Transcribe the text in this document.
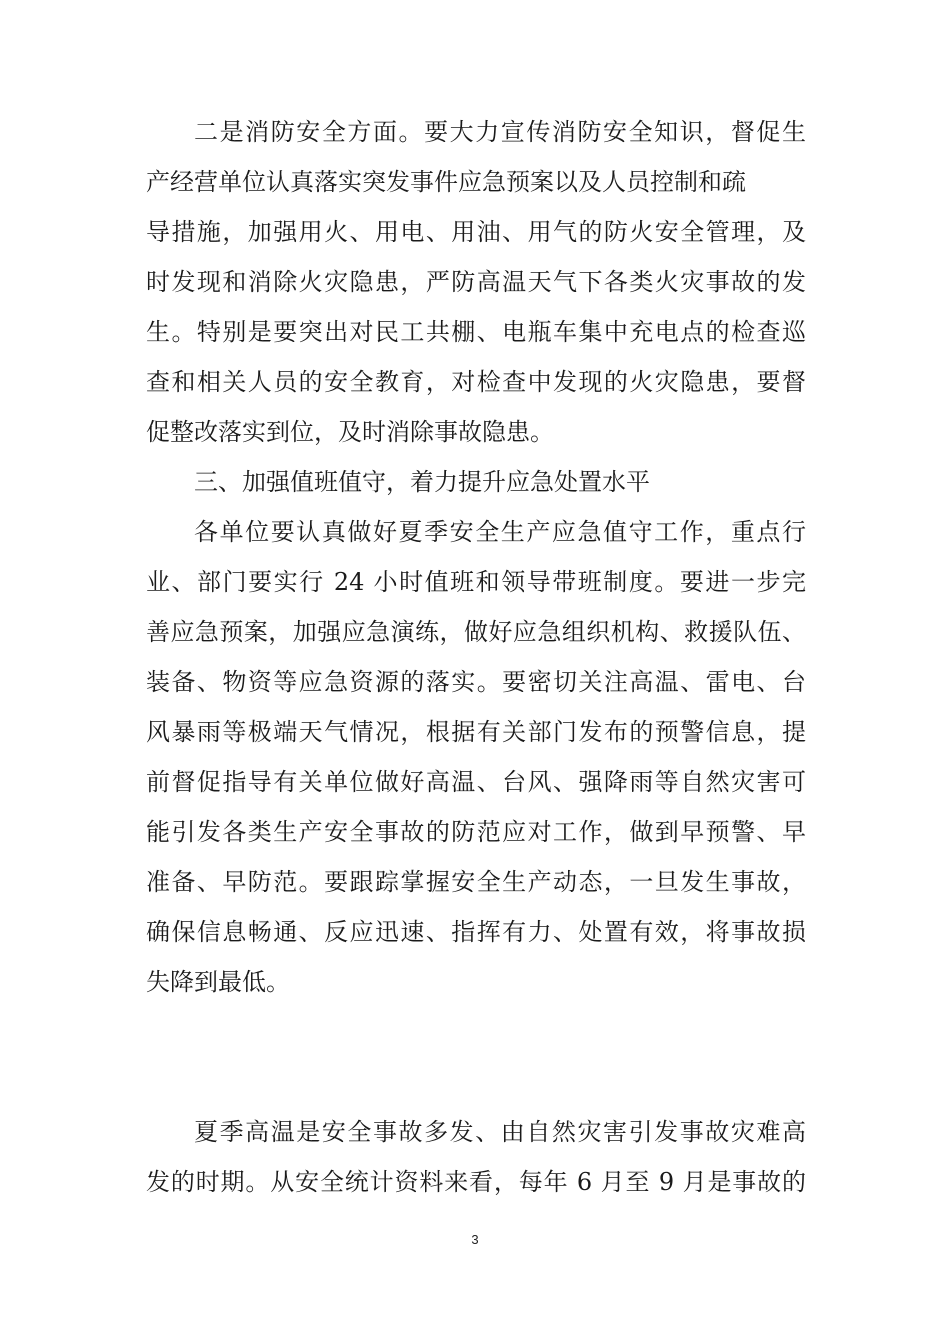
二是消防安全方面。要大力宣传消防安全知识，督促生
产经营单位认真落实突发事件应急预案以及人员控制和疏
导措施，加强用火、用电、用油、用气的防火安全管理，及
时发现和消除火灾隐患，严防高温天气下各类火灾事故的发
生。特别是要突出对民工共棚、电瓶车集中充电点的检查巡
查和相关人员的安全教育，对检查中发现的火灾隐患，要督
促整改落实到位，及时消除事故隐患。
三、加强值班值守，着力提升应急处置水平
各单位要认真做好夏季安全生产应急值守工作，重点行
业、部门要实行 24 小时值班和领导带班制度。要进一步完
善应急预案，加强应急演练，做好应急组织机构、救援队伍、
装备、物资等应急资源的落实。要密切关注高温、雷电、台
风暴雨等极端天气情况，根据有关部门发布的预警信息，提
前督促指导有关单位做好高温、台风、强降雨等自然灾害可
能引发各类生产安全事故的防范应对工作，做到早预警、早
准备、早防范。要跟踪掌握安全生产动态，一旦发生事故，
确保信息畅通、反应迅速、指挥有力、处置有效，将事故损
失降到最低。
夏季高温是安全事故多发、由自然灾害引发事故灾难高
发的时期。从安全统计资料来看，每年 6 月至 9 月是事故的
3
